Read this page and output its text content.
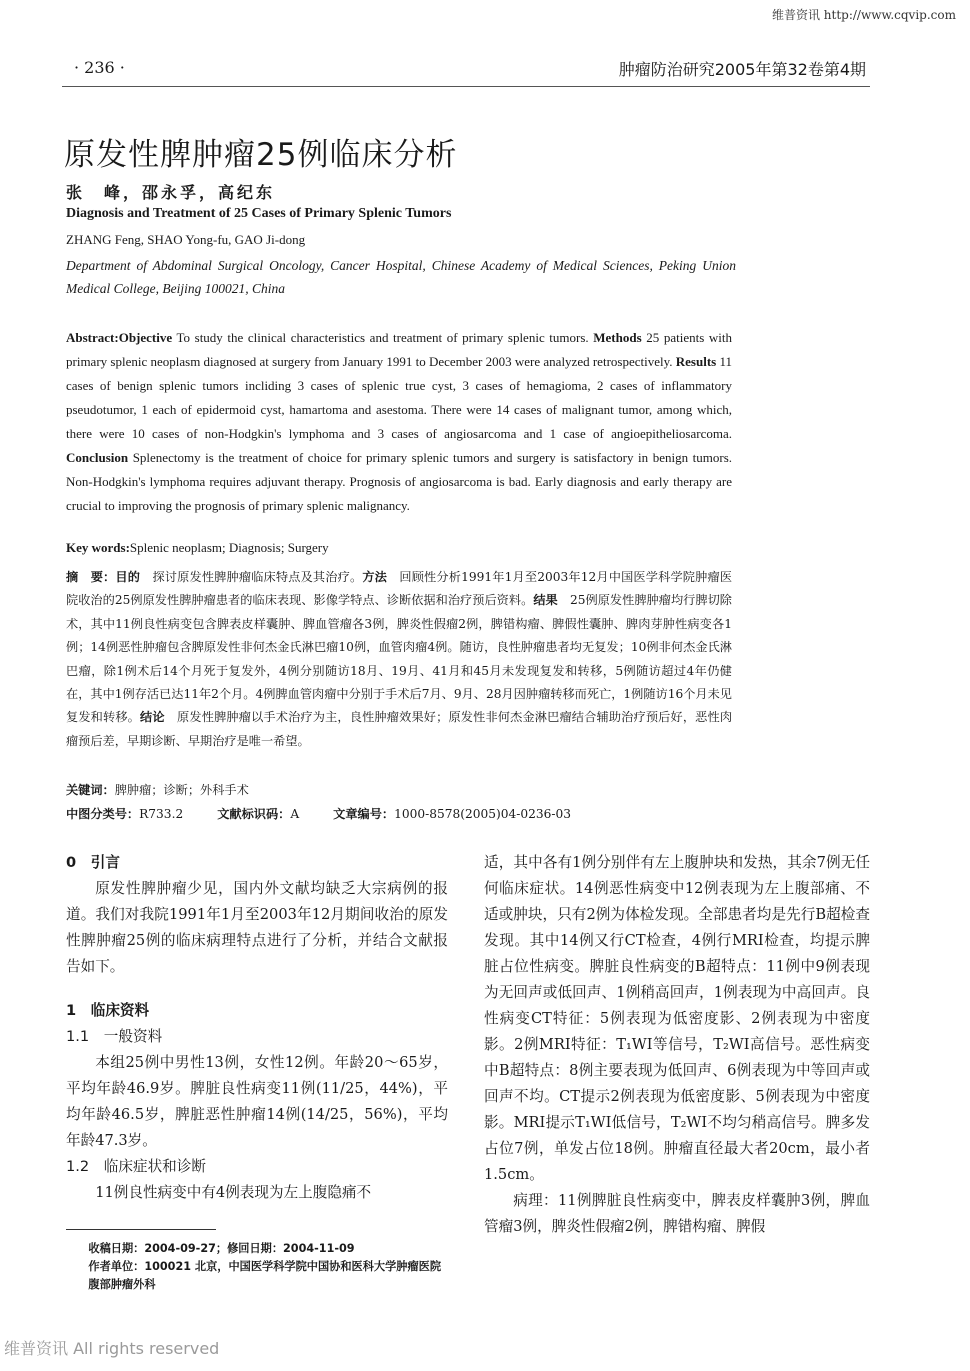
维普资讯 http://www.cqvip.com
· 236 ·	肿瘤防治研究2005年第32卷第4期
原发性脾肿瘤25例临床分析
张　峰，邵永孚，高纪东
Diagnosis and Treatment of 25 Cases of Primary Splenic Tumors
ZHANG Feng, SHAO Yong-fu, GAO Ji-dong
Department of Abdominal Surgical Oncology, Cancer Hospital, Chinese Academy of Medical Sciences, Peking Union Medical College, Beijing 100021, China
Abstract:Objective To study the clinical characteristics and treatment of primary splenic tumors. Methods 25 patients with primary splenic neoplasm diagnosed at surgery from January 1991 to December 2003 were analyzed retrospectively. Results 11 cases of benign splenic tumors incliding 3 cases of splenic true cyst, 3 cases of hemagioma, 2 cases of inflammatory pseudotumor, 1 each of epidermoid cyst, hamartoma and asestoma. There were 14 cases of malignant tumor, among which, there were 10 cases of non-Hodgkin's lymphoma and 3 cases of angiosarcoma and 1 case of angioepitheliosarcoma. Conclusion Splenectomy is the treatment of choice for primary splenic tumors and surgery is satisfactory in benign tumors. Non-Hodgkin's lymphoma requires adjuvant therapy. Prognosis of angiosarcoma is bad. Early diagnosis and early therapy are crucial to improving the prognosis of primary splenic malignancy.
Key words:Splenic neoplasm; Diagnosis; Surgery
摘　要：目的　探讨原发性脾肿瘤临床特点及其治疗。方法　回顾性分析1991年1月至2003年12月中国医学科学院肿瘤医院收治的25例原发性脾肿瘤患者的临床表现、影像学特点、诊断依据和治疗预后资料。结果　25例原发性脾肿瘤均行脾切除术，其中11例良性病变包含脾表皮样囊肿、脾血管瘤各3例，脾炎性假瘤2例，脾错构瘤、脾假性囊肿、脾肉芽肿性病变各1例；14例恶性肿瘤包含脾原发性非何杰金氏淋巴瘤10例，血管肉瘤4例。随访，良性肿瘤患者均无复发；10例非何杰金氏淋巴瘤，除1例术后14个月死于复发外，4例分别随访18月、19月、41月和45月未发现复发和转移，5例随访超过4年仍健在，其中1例存活已达11年2个月。4例脾血管肉瘤中分别于手术后7月、9月、28月因肿瘤转移而死亡，1例随访16个月未见复发和转移。结论　原发性脾肿瘤以手术治疗为主，良性肿瘤效果好；原发性非何杰金淋巴瘤结合辅助治疗预后好，恶性肉瘤预后差，早期诊断、早期治疗是唯一希望。
关键词：脾肿瘤；诊断；外科手术
中图分类号：R733.2	文献标识码：A	文章编号：1000-8578(2005)04-0236-03

0　引言

原发性脾肿瘤少见，国内外文献均缺乏大宗病例的报道。我们对我院1991年1月至2003年12月期间收治的原发性脾肿瘤25例的临床病理特点进行了分析，并结合文献报告如下。

1　临床资料

1.1　一般资料

本组25例中男性13例，女性12例。年龄20～65岁，平均年龄46.9岁。脾脏良性病变11例(11/25，44%)，平均年龄46.5岁，脾脏恶性肿瘤14例(14/25，56%)，平均年龄47.3岁。

1.2　临床症状和诊断

11例良性病变中有4例表现为左上腹隐痛不

收稿日期：2004-09-27；修回日期：2004-11-09

作者单位：100021 北京，中国医学科学院中国协和医科大学肿瘤医院腹部肿瘤外科

适，其中各有1例分别伴有左上腹肿块和发热，其余7例无任何临床症状。14例恶性病变中12例表现为左上腹部痛、不适或肿块，只有2例为体检发现。全部患者均是先行B超检查发现。其中14例又行CT检查，4例行MRI检查，均提示脾脏占位性病变。脾脏良性病变的B超特点：11例中9例表现为无回声或低回声、1例稍高回声，1例表现为中高回声。良性病变CT特征：5例表现为低密度影、2例表现为中密度影。2例MRI特征：T₁WI等信号，T₂WI高信号。恶性病变中B超特点：8例主要表现为低回声、6例表现为中等回声或回声不均。CT提示2例表现为低密度影、5例表现为中密度影。MRI提示T₁WI低信号，T₂WI不均匀稍高信号。脾多发占位7例，单发占位18例。肿瘤直径最大者20cm，最小者1.5cm。

病理：11例脾脏良性病变中，脾表皮样囊肿3例，脾血管瘤3例，脾炎性假瘤2例，脾错构瘤、脾假

维普资讯 All rights reserved
